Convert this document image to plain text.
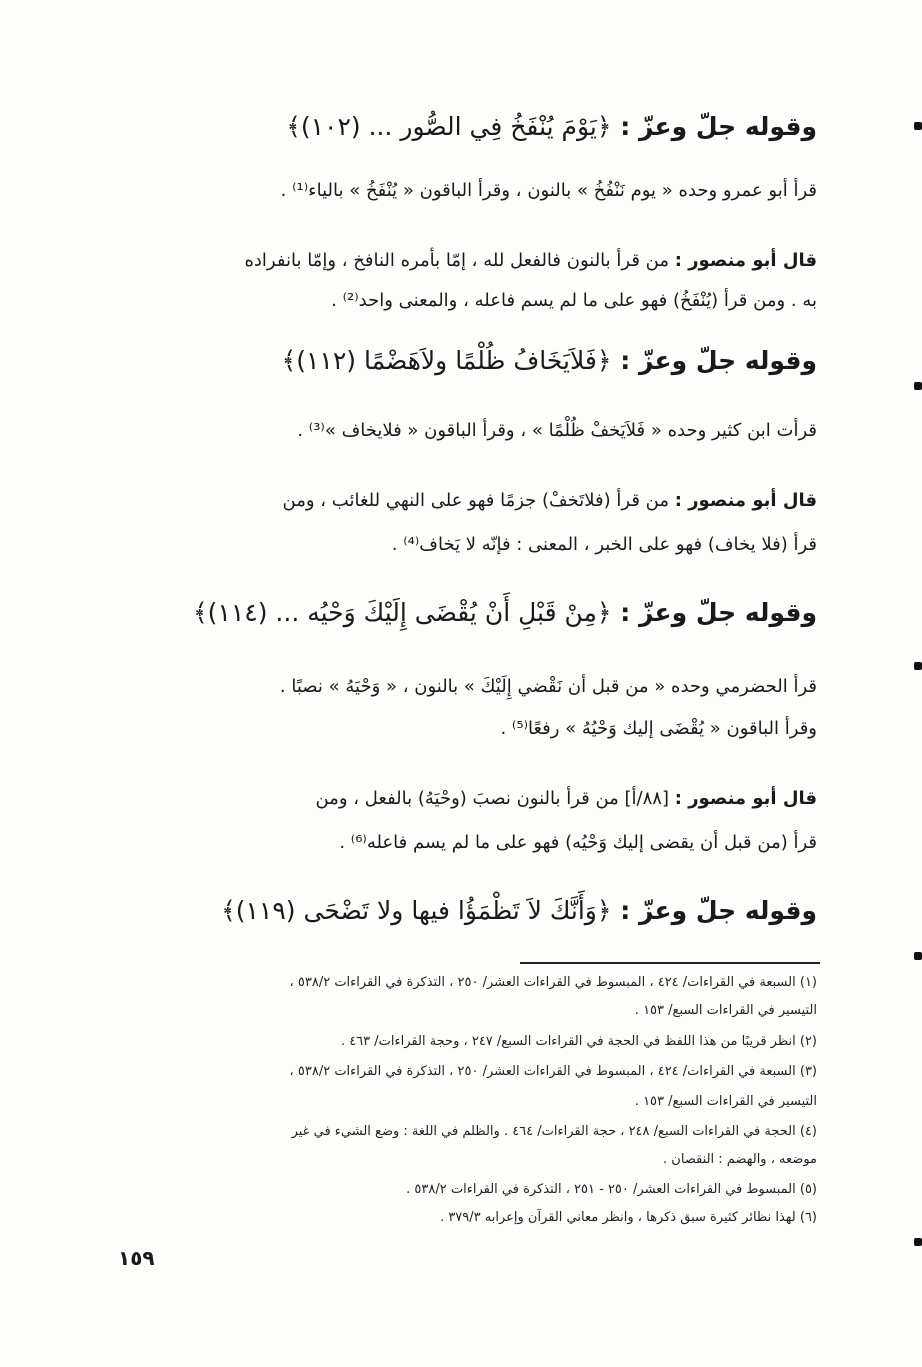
وقوله جلّ وعزّ : ﴿يَوْمَ يُنْفَخُ فِي الصُّور ... (١٠٢)﴾
قرأ أبو عمرو وحده « يوم نَنْفُخُ » بالنون ، وقرأ الباقون « يُنْفَخُ » بالياء⁽¹⁾ .
قال أبو منصور : من قرأ بالنون فالفعل لله ، إمّا بأمره النافخ ، وإمّا بانفراده
به . ومن قرأ (يُنْفَخُ) فهو على ما لم يسم فاعله ، والمعنى واحد⁽²⁾ .
وقوله جلّ وعزّ : ﴿فَلاَيَخَافُ ظُلْمًا ولاَهَضْمًا (١١٢)﴾
قرأت ابن كثير وحده « فَلاَيَخفْ ظُلْمًا » ، وقرأ الباقون « فلايخاف »⁽³⁾ .
قال أبو منصور : من قرأ (فلاتَخفْ) جزمًا فهو على النهي للغائب ، ومن
قرأ (فلا يخاف) فهو على الخبر ، المعنى : فإنّه لا يَخاف⁽⁴⁾ .
وقوله جلّ وعزّ : ﴿مِنْ قَبْلِ أَنْ يُقْضَى إِلَيْكَ وَحْيُه ... (١١٤)﴾
قرأ الحضرمي وحده « من قبل أن نَقْضي إِلَيْكَ » بالنون ، « وَحْيَهُ » نصبًا .
وقرأ الباقون « يُقْضَى إليك وَحْيُهُ » رفعًا⁽⁵⁾ .
قال أبو منصور : [٨٨/أ] من قرأ بالنون نصبَ (وحْيَهُ) بالفعل ، ومن
قرأ (من قبل أن يقضى إليك وَحْيُه) فهو على ما لم يسم فاعله⁽⁶⁾ .
وقوله جلّ وعزّ : ﴿وَأَنَّكَ لاَ تَظْمَؤُا فيها ولا تَضْحَى (١١٩)﴾
(١) السبعة في القراءات/ ٤٢٤ ، المبسوط في القراءات العشر/ ٢٥٠ ، التذكرة في القراءات ٥٣٨/٢ ،
التيسير في القراءات السبع/ ١٥٣ .
(٢) انظر قريبًا من هذا اللفظ في الحجة في القراءات السبع/ ٢٤٧ ، وحجة القراءات/ ٤٦٣ .
(٣) السبعة في القراءات/ ٤٢٤ ، المبسوط في القراءات العشر/ ٢٥٠ ، التذكرة في القراءات ٥٣٨/٢ ،
التيسير في القراءات السبع/ ١٥٣ .
(٤) الحجة في القراءات السبع/ ٢٤٨ ، حجة القراءات/ ٤٦٤ . والظلم في اللغة : وضع الشيء في غير
موضعه ، والهضم : النقصان .
(٥) المبسوط في القراءات العشر/ ٢٥٠ - ٢٥١ ، التذكرة في القراءات ٥٣٨/٢ .
(٦) لهذا نظائر كثيرة سبق ذكرها ، وانظر معاني القرآن وإعرابه ٣٧٩/٣ .
١٥٩
